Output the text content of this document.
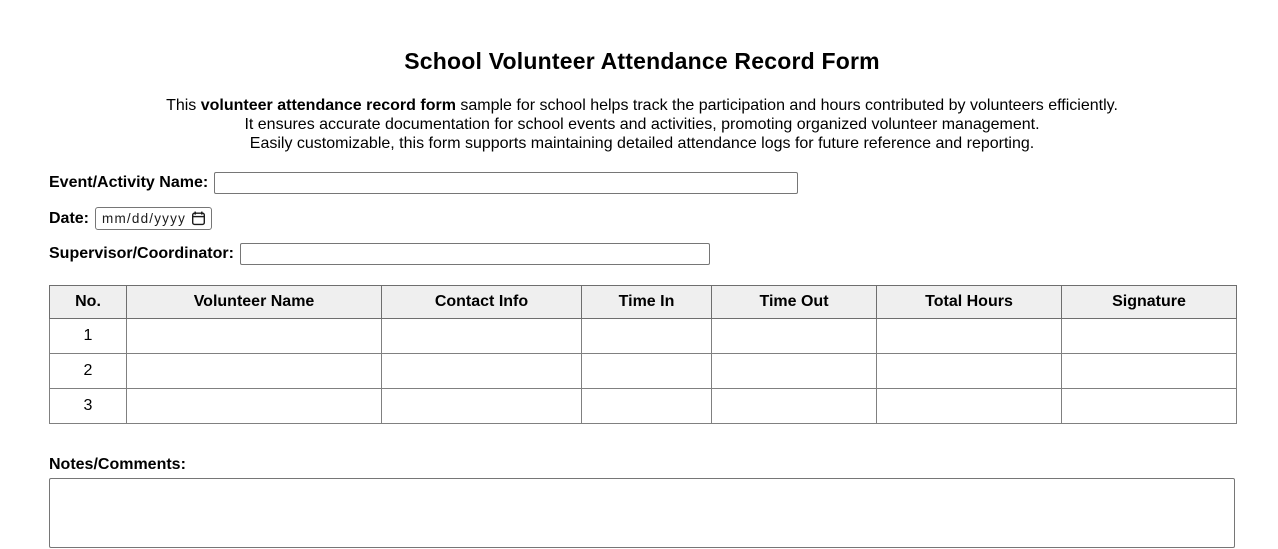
School Volunteer Attendance Record Form

This volunteer attendance record form sample for school helps track the participation and hours contributed by volunteers efficiently.
It ensures accurate documentation for school events and activities, promoting organized volunteer management.
Easily customizable, this form supports maintaining detailed attendance logs for future reference and reporting.

Event/Activity Name:
Date: mm/dd/yyyy
Supervisor/Coordinator:
No.	Volunteer Name	Contact Info	Time In	Time Out	Total Hours	Signature
1						
2						
3						
Notes/Comments:
